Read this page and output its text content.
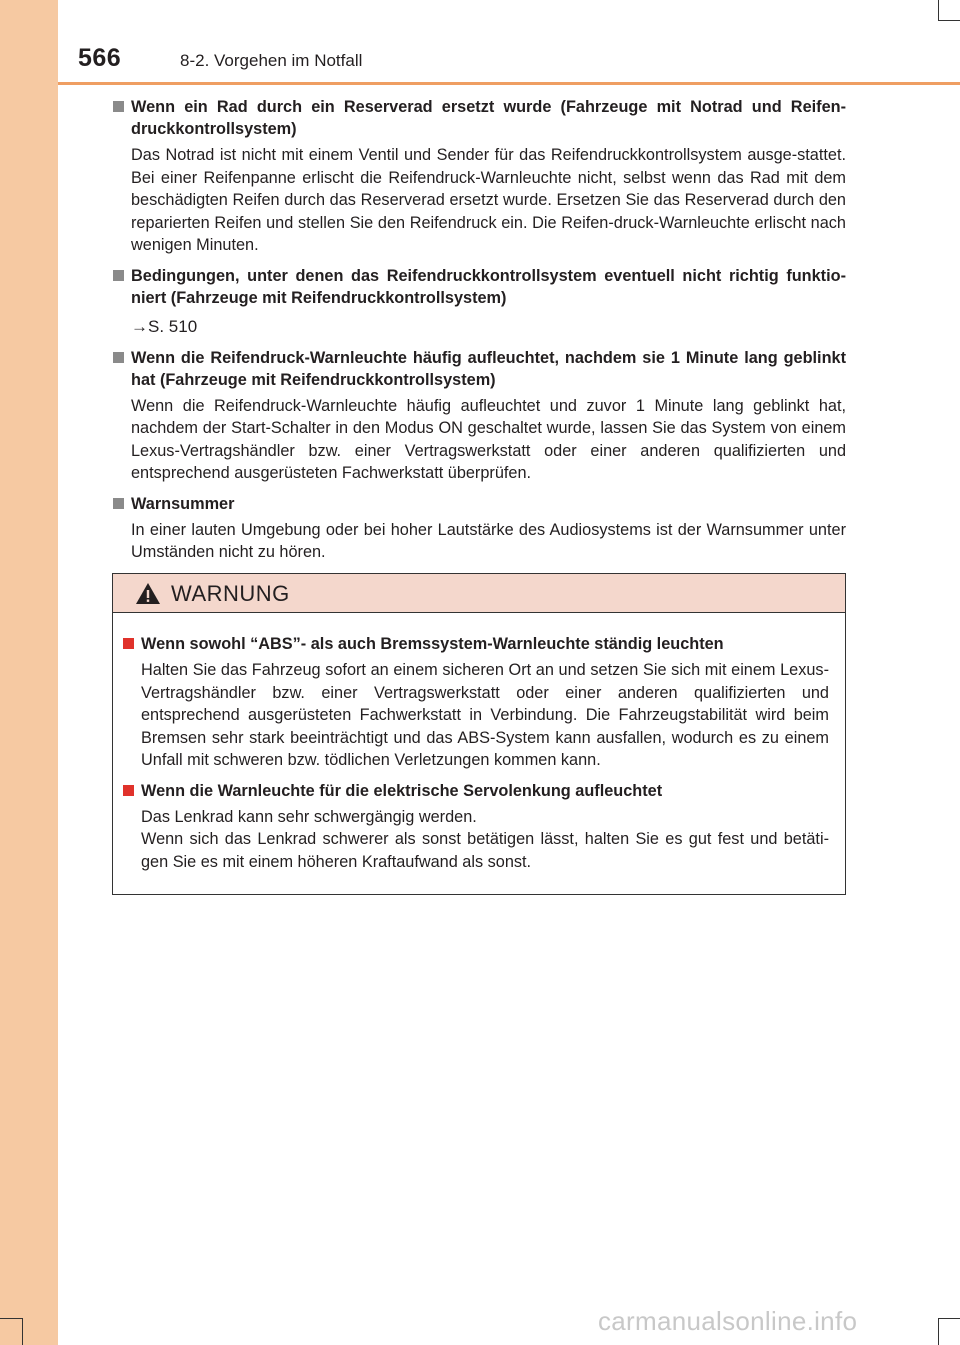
566	8-2. Vorgehen im Notfall
Wenn ein Rad durch ein Reserverad ersetzt wurde (Fahrzeuge mit Notrad und Reifen-druckkontrollsystem)
Das Notrad ist nicht mit einem Ventil und Sender für das Reifendruckkontrollsystem ausge-stattet. Bei einer Reifenpanne erlischt die Reifendruck-Warnleuchte nicht, selbst wenn das Rad mit dem beschädigten Reifen durch das Reserverad ersetzt wurde. Ersetzen Sie das Reserverad durch den reparierten Reifen und stellen Sie den Reifendruck ein. Die Reifen-druck-Warnleuchte erlischt nach wenigen Minuten.
Bedingungen, unter denen das Reifendruckkontrollsystem eventuell nicht richtig funktio-niert (Fahrzeuge mit Reifendruckkontrollsystem)
→S. 510
Wenn die Reifendruck-Warnleuchte häufig aufleuchtet, nachdem sie 1 Minute lang geblinkt hat (Fahrzeuge mit Reifendruckkontrollsystem)
Wenn die Reifendruck-Warnleuchte häufig aufleuchtet und zuvor 1 Minute lang geblinkt hat, nachdem der Start-Schalter in den Modus ON geschaltet wurde, lassen Sie das System von einem Lexus-Vertragshändler bzw. einer Vertragswerkstatt oder einer anderen qualifizierten und entsprechend ausgerüsteten Fachwerkstatt überprüfen.
Warnsummer
In einer lauten Umgebung oder bei hoher Lautstärke des Audiosystems ist der Warnsummer unter Umständen nicht zu hören.
WARNUNG
Wenn sowohl “ABS”- als auch Bremssystem-Warnleuchte ständig leuchten
Halten Sie das Fahrzeug sofort an einem sicheren Ort an und setzen Sie sich mit einem Lexus-Vertragshändler bzw. einer Vertragswerkstatt oder einer anderen qualifizierten und entsprechend ausgerüsteten Fachwerkstatt in Verbindung. Die Fahrzeugstabilität wird beim Bremsen sehr stark beeinträchtigt und das ABS-System kann ausfallen, wodurch es zu einem Unfall mit schweren bzw. tödlichen Verletzungen kommen kann.
Wenn die Warnleuchte für die elektrische Servolenkung aufleuchtet
Das Lenkrad kann sehr schwergängig werden.
Wenn sich das Lenkrad schwerer als sonst betätigen lässt, halten Sie es gut fest und betäti-gen Sie es mit einem höheren Kraftaufwand als sonst.
carmanualsonline.info
